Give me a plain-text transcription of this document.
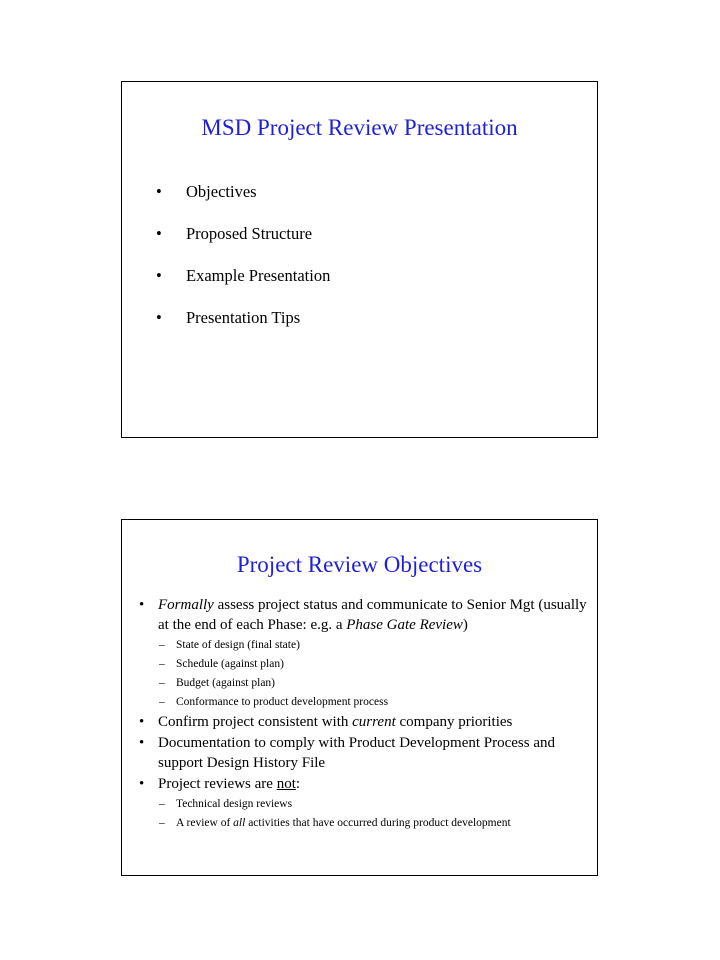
MSD Project Review Presentation
• Objectives
• Proposed Structure
• Example Presentation
• Presentation Tips
Project Review Objectives

• Formally assess project status and communicate to Senior Mgt (usually at the end of each Phase: e.g. a Phase Gate Review)

– State of design (final state)

– Schedule (against plan)

– Budget (against plan)

– Conformance to product development process

• Confirm project consistent with current company priorities

• Documentation to comply with Product Development Process and support Design History File

• Project reviews are not:

– Technical design reviews

– A review of all activities that have occurred during product development
